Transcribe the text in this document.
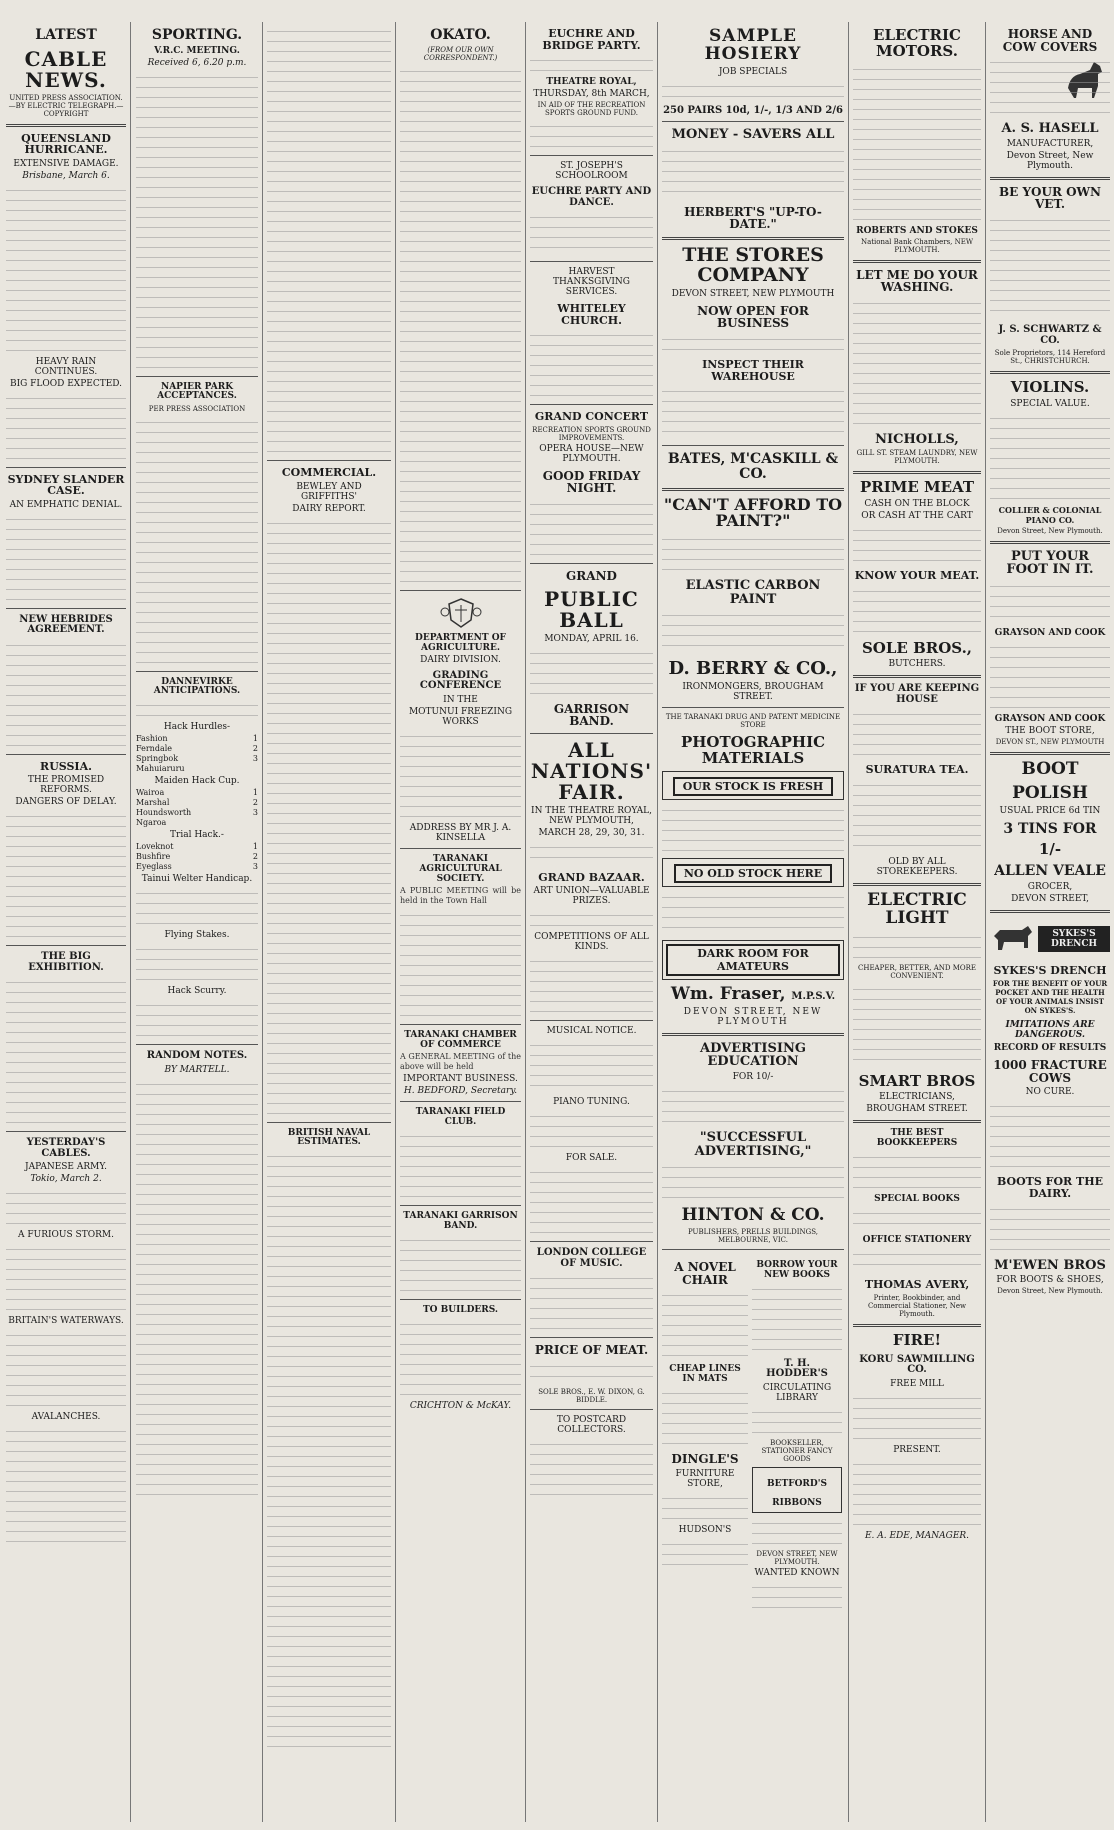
LATEST
CABLE NEWS.
UNITED PRESS ASSOCIATION.—BY ELECTRIC TELEGRAPH.—COPYRIGHT
QUEENSLAND HURRICANE.
EXTENSIVE DAMAGE.
Brisbane, March 6.
HEAVY RAIN CONTINUES.
BIG FLOOD EXPECTED.
SYDNEY SLANDER CASE.
AN EMPHATIC DENIAL.
NEW HEBRIDES AGREEMENT.
RUSSIA.
THE PROMISED REFORMS.
DANGERS OF DELAY.
THE BIG EXHIBITION.
YESTERDAY'S CABLES.
JAPANESE ARMY.
Tokio, March 2.
A FURIOUS STORM.
BRITAIN'S WATERWAYS.
AVALANCHES.
SPORTING.
V.R.C. MEETING.
Received 6, 6.20 p.m.
NAPIER PARK ACCEPTANCES.
PER PRESS ASSOCIATION
DANNEVIRKE ANTICIPATIONS.
Hack Hurdles-
Fashion	1
Ferndale	2
Springbok	3
Mahuiaruru
Maiden Hack Cup.
Wairoa	1
Marshal	2
Houndsworth	3
Ngaroa
Trial Hack.-
Loveknot	1
Bushfire	2
Eyeglass	3
Tainui Welter Handicap.
Flying Stakes.
Hack Scurry.
RANDOM NOTES.
BY MARTELL.
COMMERCIAL.
BEWLEY AND GRIFFITHS'
DAIRY REPORT.
BRITISH NAVAL ESTIMATES.
OKATO.
(FROM OUR OWN CORRESPONDENT.)
DEPARTMENT OF AGRICULTURE.
DAIRY DIVISION.
GRADING CONFERENCE
IN THE
MOTUNUI FREEZING WORKS
ADDRESS BY MR J. A. KINSELLA
TARANAKI AGRICULTURAL SOCIETY.
A PUBLIC MEETING will be held in the Town Hall
TARANAKI CHAMBER OF COMMERCE
A GENERAL MEETING of the above will be held
IMPORTANT BUSINESS.
H. BEDFORD, Secretary.
TARANAKI FIELD CLUB.
TARANAKI GARRISON BAND.
TO BUILDERS.
CRICHTON & McKAY.
EUCHRE AND BRIDGE PARTY.
THEATRE ROYAL,
THURSDAY, 8th MARCH,
IN AID OF THE RECREATION SPORTS GROUND FUND.
ST. JOSEPH'S SCHOOLROOM
EUCHRE PARTY AND DANCE.
HARVEST THANKSGIVING SERVICES.
WHITELEY CHURCH.
GRAND CONCERT
RECREATION SPORTS GROUND IMPROVEMENTS.
OPERA HOUSE—NEW PLYMOUTH.
GOOD FRIDAY NIGHT.
GRAND
PUBLIC BALL
MONDAY, APRIL 16.
GARRISON BAND.
ALL NATIONS' FAIR.
IN THE THEATRE ROYAL, NEW PLYMOUTH,
MARCH 28, 29, 30, 31.
GRAND BAZAAR.
ART UNION—VALUABLE PRIZES.
COMPETITIONS OF ALL KINDS.
MUSICAL NOTICE.
PIANO TUNING.
FOR SALE.
LONDON COLLEGE OF MUSIC.
PRICE OF MEAT.
SOLE BROS., E. W. DIXON, G. BIDDLE.
TO POSTCARD COLLECTORS.
SAMPLE HOSIERY
JOB SPECIALS
250 PAIRS 10d, 1/-, 1/3 AND 2/6
MONEY - SAVERS ALL
HERBERT'S "UP-TO-DATE."
THE STORES COMPANY
DEVON STREET, NEW PLYMOUTH
NOW OPEN FOR BUSINESS
INSPECT THEIR WAREHOUSE
BATES, M'CASKILL & CO.
"CAN'T AFFORD TO PAINT?"
ELASTIC CARBON PAINT
D. BERRY & CO.,
IRONMONGERS, BROUGHAM STREET.
THE TARANAKI DRUG AND PATENT MEDICINE STORE
PHOTOGRAPHIC MATERIALS
OUR STOCK IS FRESH
NO OLD STOCK HERE
DARK ROOM FOR AMATEURS
Wm. Fraser, M.P.S.V.
DEVON STREET, NEW PLYMOUTH
ADVERTISING EDUCATION
FOR 10/-
"SUCCESSFUL ADVERTISING,"
HINTON & CO.
PUBLISHERS, PRELLS BUILDINGS, MELBOURNE, VIC.
A NOVEL CHAIR
CHEAP LINES IN MATS
DINGLE'S
FURNITURE STORE,
HUDSON'S
BORROW YOUR NEW BOOKS
T. H. HODDER'S
CIRCULATING LIBRARY
BOOKSELLER, STATIONER FANCY GOODS
BETFORD'S RIBBONS
DEVON STREET, NEW PLYMOUTH.
WANTED KNOWN
ELECTRIC MOTORS.
ROBERTS AND STOKES
National Bank Chambers, NEW PLYMOUTH.
LET ME DO YOUR WASHING.
NICHOLLS,
GILL ST. STEAM LAUNDRY, NEW PLYMOUTH.
PRIME MEAT
CASH ON THE BLOCK
OR CASH AT THE CART
KNOW YOUR MEAT.
SOLE BROS.,
BUTCHERS.
IF YOU ARE KEEPING HOUSE
SURATURA TEA.
OLD BY ALL STOREKEEPERS.
ELECTRIC LIGHT
CHEAPER, BETTER, AND MORE CONVENIENT.
SMART BROS
ELECTRICIANS,
BROUGHAM STREET.
THE BEST BOOKKEEPERS
SPECIAL BOOKS
OFFICE STATIONERY
THOMAS AVERY,
Printer, Bookbinder, and Commercial Stationer, New Plymouth.
FIRE!
KORU SAWMILLING CO.
FREE MILL
PRESENT.
E. A. EDE, MANAGER.
HORSE AND COW COVERS
A. S. HASELL
MANUFACTURER,
Devon Street, New Plymouth.
BE YOUR OWN VET.
J. S. SCHWARTZ & CO.
Sole Proprietors, 114 Hereford St., CHRISTCHURCH.
VIOLINS.
SPECIAL VALUE.
COLLIER & COLONIAL PIANO CO.
Devon Street, New Plymouth.
PUT YOUR FOOT IN IT.
GRAYSON AND COOK
GRAYSON AND COOK
THE BOOT STORE,
DEVON ST., NEW PLYMOUTH
BOOT
POLISH
USUAL PRICE 6d TIN
3 TINS FOR
1/-
ALLEN VEALE
GROCER,
DEVON STREET,
SYKES'S DRENCH
SYKES'S DRENCH
FOR THE BENEFIT OF YOUR POCKET AND THE HEALTH OF YOUR ANIMALS INSIST ON SYKES'S.
IMITATIONS ARE DANGEROUS.
RECORD OF RESULTS
1000 FRACTURE COWS
NO CURE.
BOOTS FOR THE DAIRY.
M'EWEN BROS
FOR BOOTS & SHOES,
Devon Street, New Plymouth.
